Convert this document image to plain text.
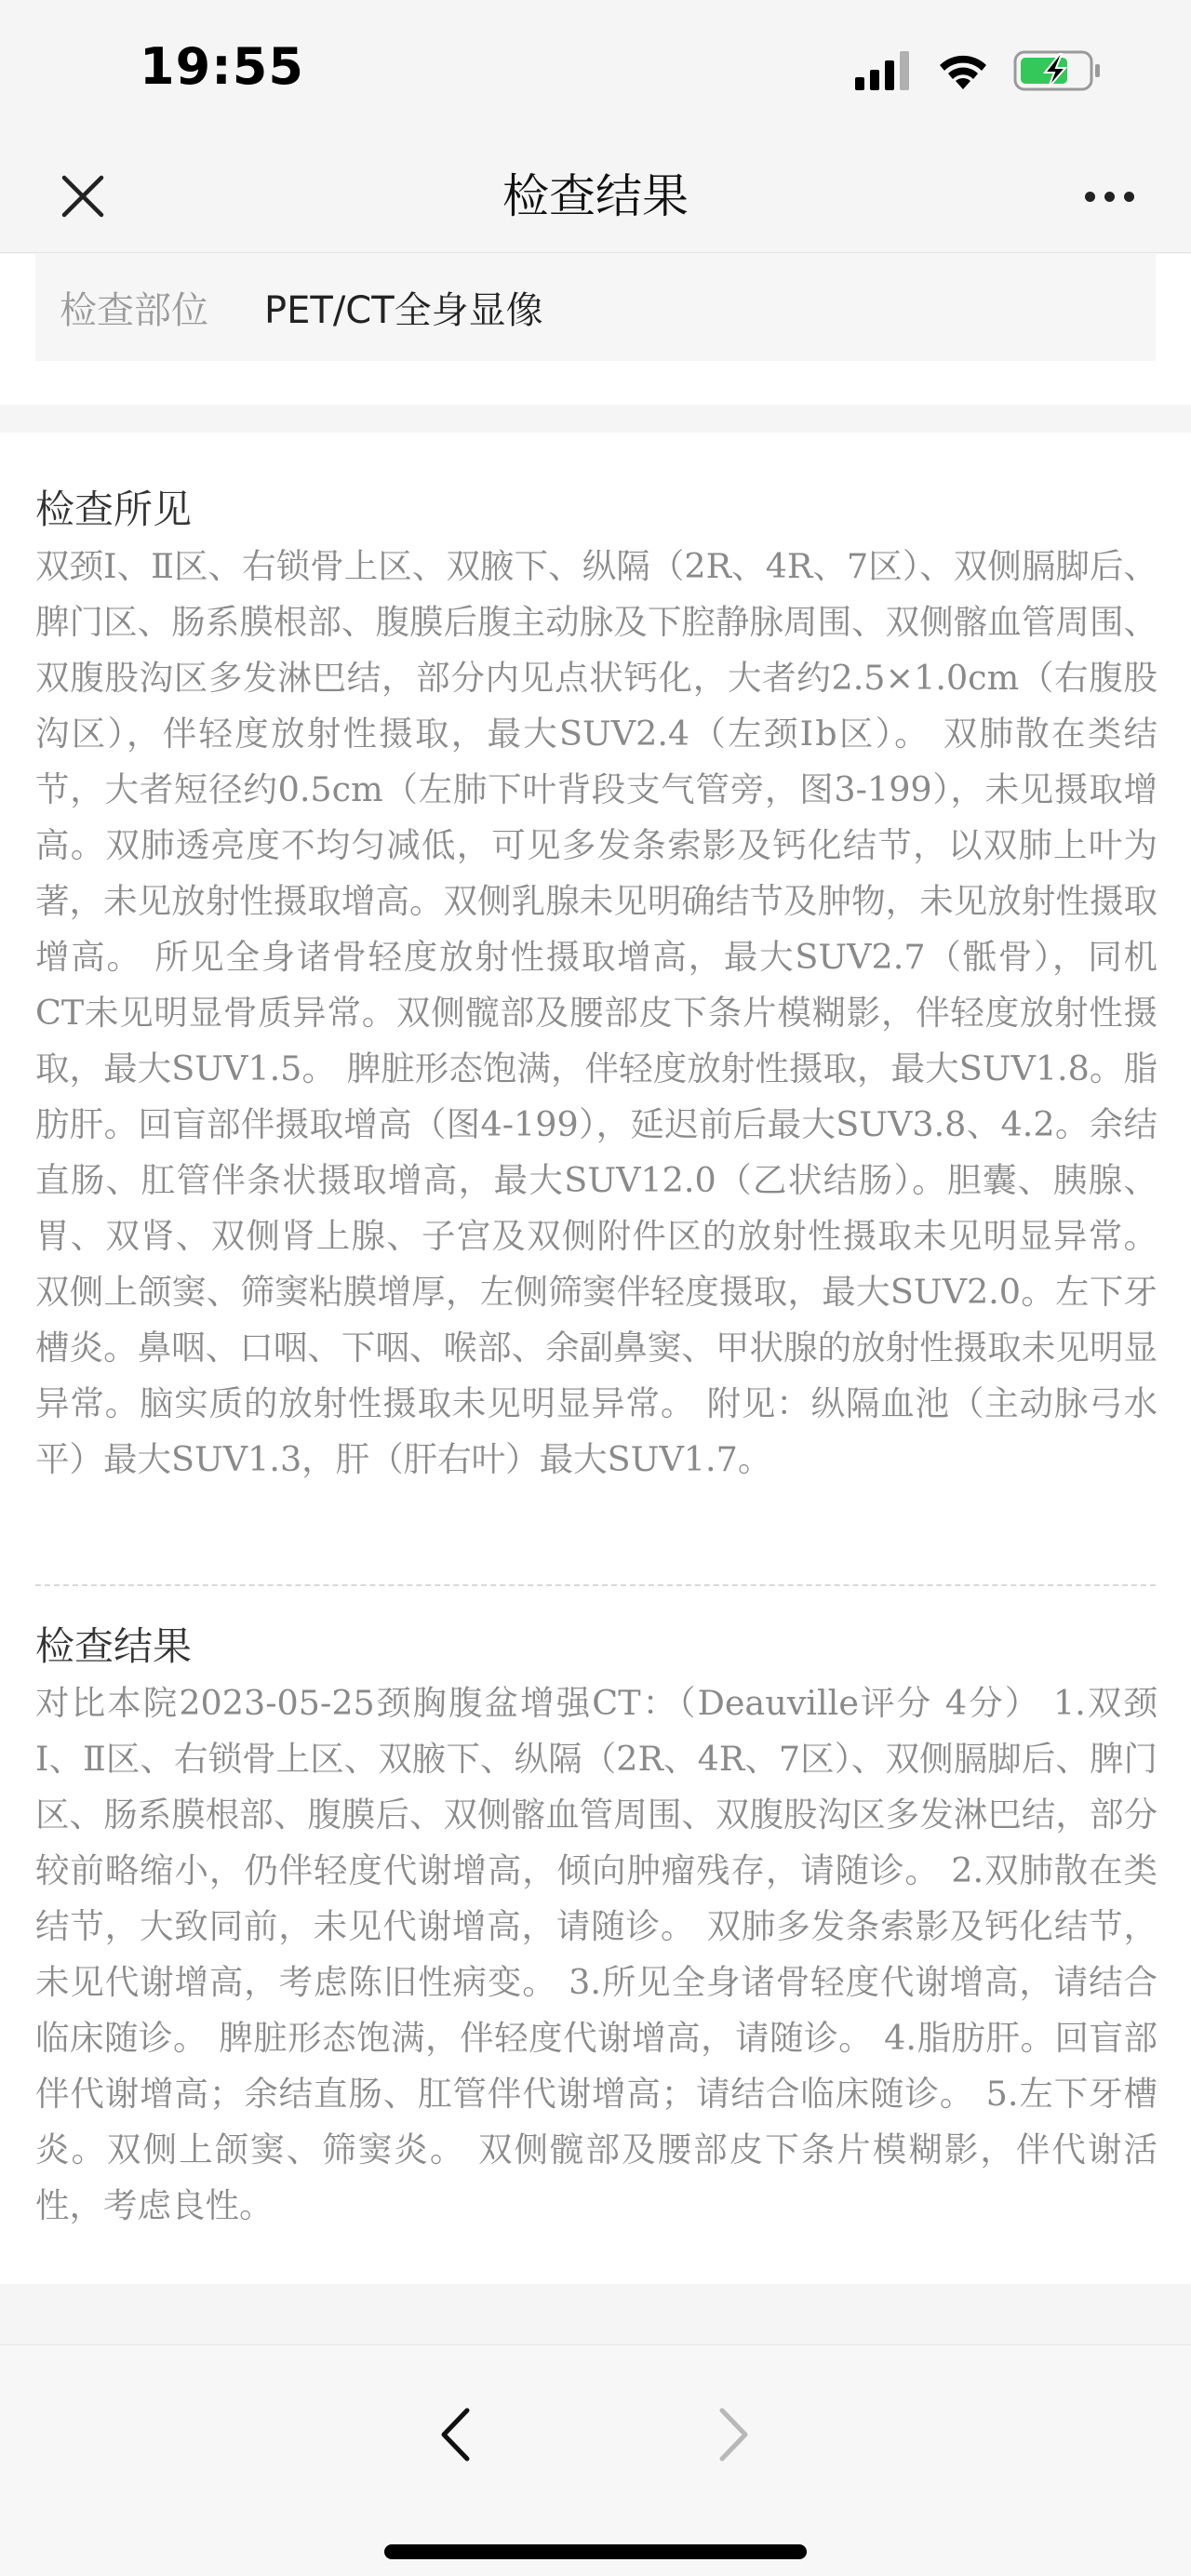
19:55
检查结果
检查部位	PET/CT全身显像
检查所见
双颈Ⅰ、Ⅱ区、右锁骨上区、双腋下、纵隔（2R、4R、7区）、双侧膈脚后、脾门区、肠系膜根部、腹膜后腹主动脉及下腔静脉周围、双侧髂血管周围、双腹股沟区多发淋巴结，部分内见点状钙化，大者约2.5×1.0cm（右腹股沟区），伴轻度放射性摄取，最大SUV2.4（左颈Ⅰb区）。 双肺散在类结节，大者短径约0.5cm（左肺下叶背段支气管旁，图3-199），未见摄取增高。双肺透亮度不均匀减低，可见多发条索影及钙化结节，以双肺上叶为著，未见放射性摄取增高。双侧乳腺未见明确结节及肿物，未见放射性摄取增高。 所见全身诸骨轻度放射性摄取增高，最大SUV2.7（骶骨），同机CT未见明显骨质异常。双侧髋部及腰部皮下条片模糊影，伴轻度放射性摄取，最大SUV1.5。 脾脏形态饱满，伴轻度放射性摄取，最大SUV1.8。脂肪肝。回盲部伴摄取增高（图4-199），延迟前后最大SUV3.8、4.2。余结直肠、肛管伴条状摄取增高，最大SUV12.0（乙状结肠）。胆囊、胰腺、胃、双肾、双侧肾上腺、子宫及双侧附件区的放射性摄取未见明显异常。 双侧上颌窦、筛窦粘膜增厚，左侧筛窦伴轻度摄取，最大SUV2.0。左下牙槽炎。鼻咽、口咽、下咽、喉部、余副鼻窦、甲状腺的放射性摄取未见明显异常。脑实质的放射性摄取未见明显异常。 附见：纵隔血池（主动脉弓水平）最大SUV1.3，肝（肝右叶）最大SUV1.7。
检查结果
对比本院2023-05-25颈胸腹盆增强CT：（Deauville评分 4分） 1.双颈Ⅰ、Ⅱ区、右锁骨上区、双腋下、纵隔（2R、4R、7区）、双侧膈脚后、脾门区、肠系膜根部、腹膜后、双侧髂血管周围、双腹股沟区多发淋巴结，部分较前略缩小，仍伴轻度代谢增高，倾向肿瘤残存，请随诊。 2.双肺散在类结节，大致同前，未见代谢增高，请随诊。 双肺多发条索影及钙化结节，未见代谢增高，考虑陈旧性病变。 3.所见全身诸骨轻度代谢增高，请结合临床随诊。 脾脏形态饱满，伴轻度代谢增高，请随诊。 4.脂肪肝。回盲部伴代谢增高；余结直肠、肛管伴代谢增高；请结合临床随诊。 5.左下牙槽炎。双侧上颌窦、筛窦炎。 双侧髋部及腰部皮下条片模糊影，伴代谢活性，考虑良性。
